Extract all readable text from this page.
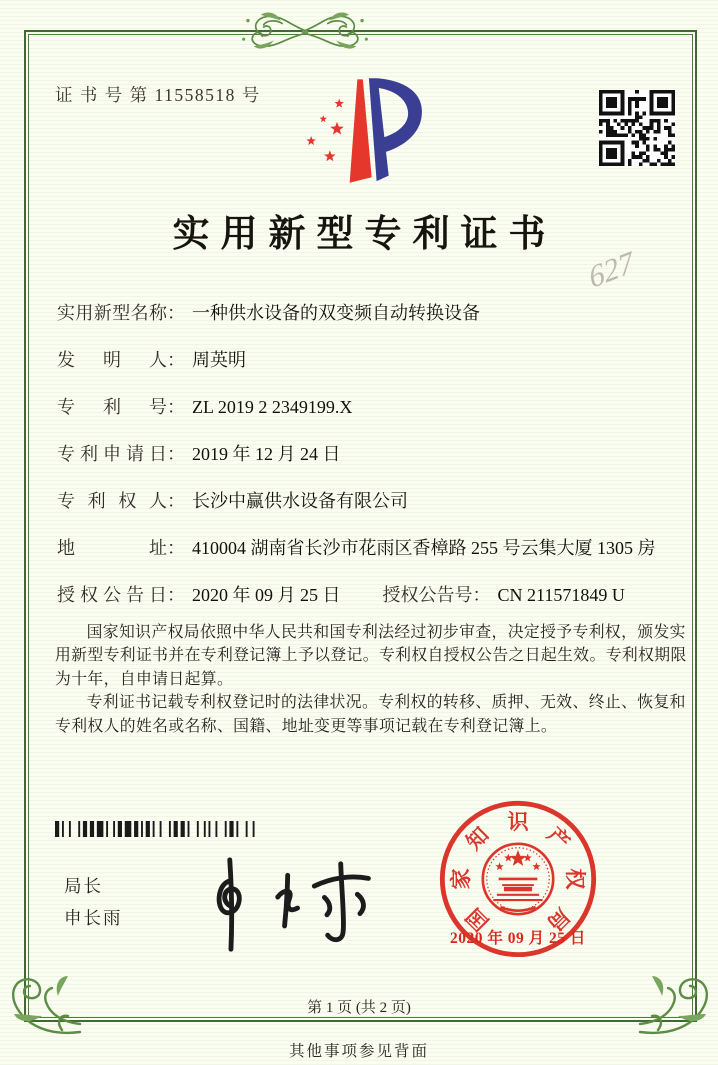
证 书 号 第 11558518 号
实用新型专利证书
627
实用新型名称： 一种供水设备的双变频自动转换设备
发明人： 周英明
专利号： ZL 2019 2 2349199.X
专利申请日： 2019 年 12 月 24 日
专利权人： 长沙中赢供水设备有限公司
地址： 410004 湖南省长沙市花雨区香樟路 255 号云集大厦 1305 房
授权公告日： 2020 年 09 月 25 日 授权公告号： CN 211571849 U

国家知识产权局依照中华人民共和国专利法经过初步审查，决定授予专利权，颁发实用新型专利证书并在专利登记簿上予以登记。专利权自授权公告之日起生效。专利权期限为十年，自申请日起算。

专利证书记载专利权登记时的法律状况。专利权的转移、质押、无效、终止、恢复和专利权人的姓名或名称、国籍、地址变更等事项记载在专利登记簿上。

局长
申长雨	国
家
知
识
产
权
局
2020 年 09 月 25 日
第 1 页 (共 2 页)
其他事项参见背面
